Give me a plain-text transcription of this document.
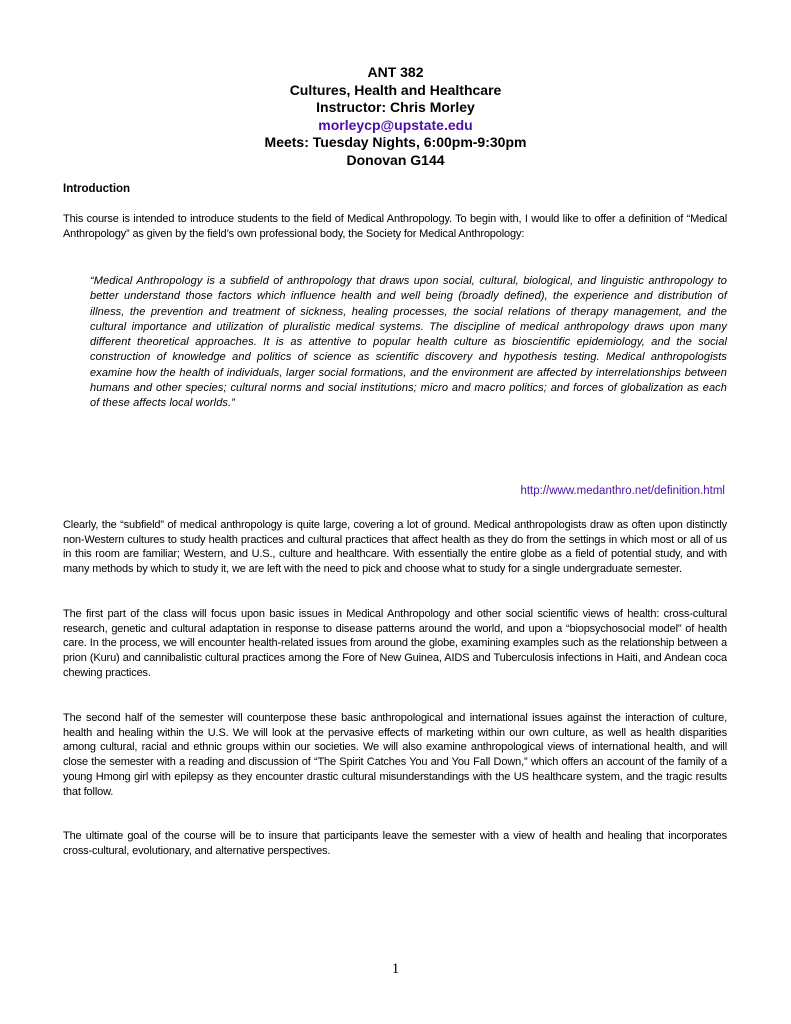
ANT 382
Cultures, Health and Healthcare
Instructor: Chris Morley
morleycp@upstate.edu
Meets: Tuesday Nights, 6:00pm-9:30pm
Donovan G144
Introduction
This course is intended to introduce students to the field of Medical Anthropology. To begin with, I would like to offer a definition of “Medical Anthropology” as given by the field’s own professional body, the Society for Medical Anthropology:
“Medical Anthropology is a subfield of anthropology that draws upon social, cultural, biological, and linguistic anthropology to better understand those factors which influence health and well being (broadly defined), the experience and distribution of illness, the prevention and treatment of sickness, healing processes, the social relations of therapy management, and the cultural importance and utilization of pluralistic medical systems. The discipline of medical anthropology draws upon many different theoretical approaches. It is as attentive to popular health culture as bioscientific epidemiology, and the social construction of knowledge and politics of science as scientific discovery and hypothesis testing. Medical anthropologists examine how the health of individuals, larger social formations, and the environment are affected by interrelationships between humans and other species; cultural norms and social institutions; micro and macro politics; and forces of globalization as each of these affects local worlds.”
http://www.medanthro.net/definition.html
Clearly, the “subfield” of medical anthropology is quite large, covering a lot of ground. Medical anthropologists draw as often upon distinctly non-Western cultures to study health practices and cultural practices that affect health as they do from the settings in which most or all of us in this room are familiar; Western, and U.S., culture and healthcare. With essentially the entire globe as a field of potential study, and with many methods by which to study it, we are left with the need to pick and choose what to study for a single undergraduate semester.
The first part of the class will focus upon basic issues in Medical Anthropology and other social scientific views of health: cross-cultural research, genetic and cultural adaptation in response to disease patterns around the world, and upon a “biopsychosocial model” of health care. In the process, we will encounter health-related issues from around the globe, examining examples such as the relationship between a prion (Kuru) and cannibalistic cultural practices among the Fore of New Guinea, AIDS and Tuberculosis infections in Haiti, and Andean coca chewing practices.
The second half of the semester will counterpose these basic anthropological and international issues against the interaction of culture, health and healing within the U.S. We will look at the pervasive effects of marketing within our own culture, as well as health disparities among cultural, racial and ethnic groups within our societies. We will also examine anthropological views of international health, and will close the semester with a reading and discussion of “The Spirit Catches You and You Fall Down,” which offers an account of the family of a young Hmong girl with epilepsy as they encounter drastic cultural misunderstandings with the US healthcare system, and the tragic results that follow.
The ultimate goal of the course will be to insure that participants leave the semester with a view of health and healing that incorporates cross-cultural, evolutionary, and alternative perspectives.
1
